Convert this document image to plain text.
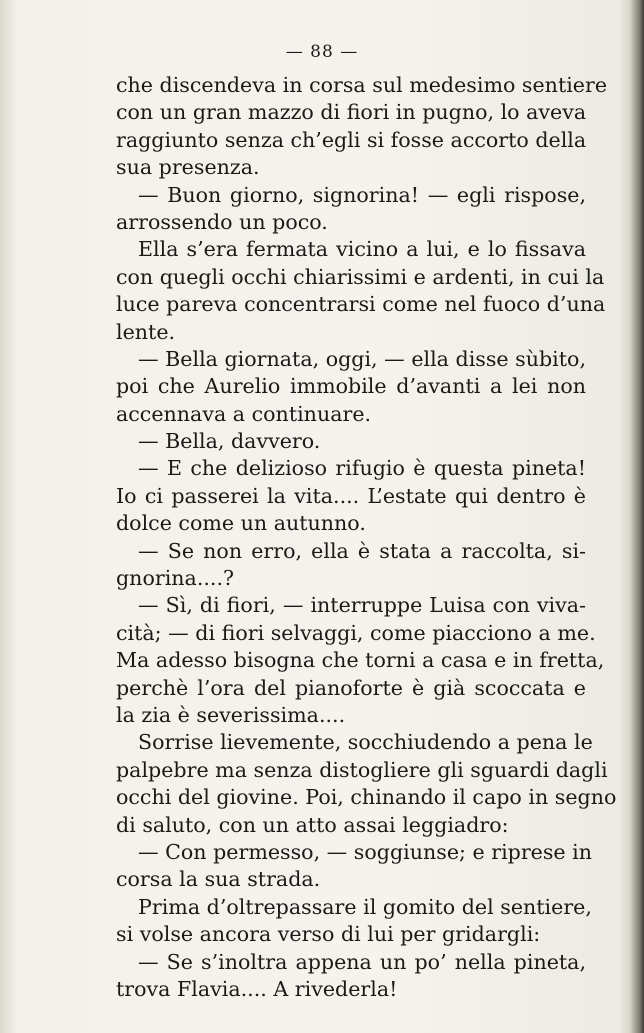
— 88 —
che discendeva in corsa sul medesimo sentiere
con un gran mazzo di fiori in pugno, lo aveva
raggiunto senza ch’egli si fosse accorto della
sua presenza.
— Buon giorno, signorina! — egli rispose,
arrossendo un poco.
Ella s’era fermata vicino a lui, e lo fissava
con quegli occhi chiarissimi e ardenti, in cui la
luce pareva concentrarsi come nel fuoco d’una
lente.
— Bella giornata, oggi, — ella disse sùbito,
poi che Aurelio immobile d’avanti a lei non
accennava a continuare.
— Bella, davvero.
— E che delizioso rifugio è questa pineta!
Io ci passerei la vita.... L’estate qui dentro è
dolce come un autunno.
— Se non erro, ella è stata a raccolta, si-
gnorina....?
— Sì, di fiori, — interruppe Luisa con viva-
cità; — di fiori selvaggi, come piacciono a me.
Ma adesso bisogna che torni a casa e in fretta,
perchè l’ora del pianoforte è già scoccata e
la zia è severissima....
Sorrise lievemente, socchiudendo a pena le
palpebre ma senza distogliere gli sguardi dagli
occhi del giovine. Poi, chinando il capo in segno
di saluto, con un atto assai leggiadro:
— Con permesso, — soggiunse; e riprese in
corsa la sua strada.
Prima d’oltrepassare il gomito del sentiere,
si volse ancora verso di lui per gridargli:
— Se s’inoltra appena un po’ nella pineta,
trova Flavia.... A rivederla!
